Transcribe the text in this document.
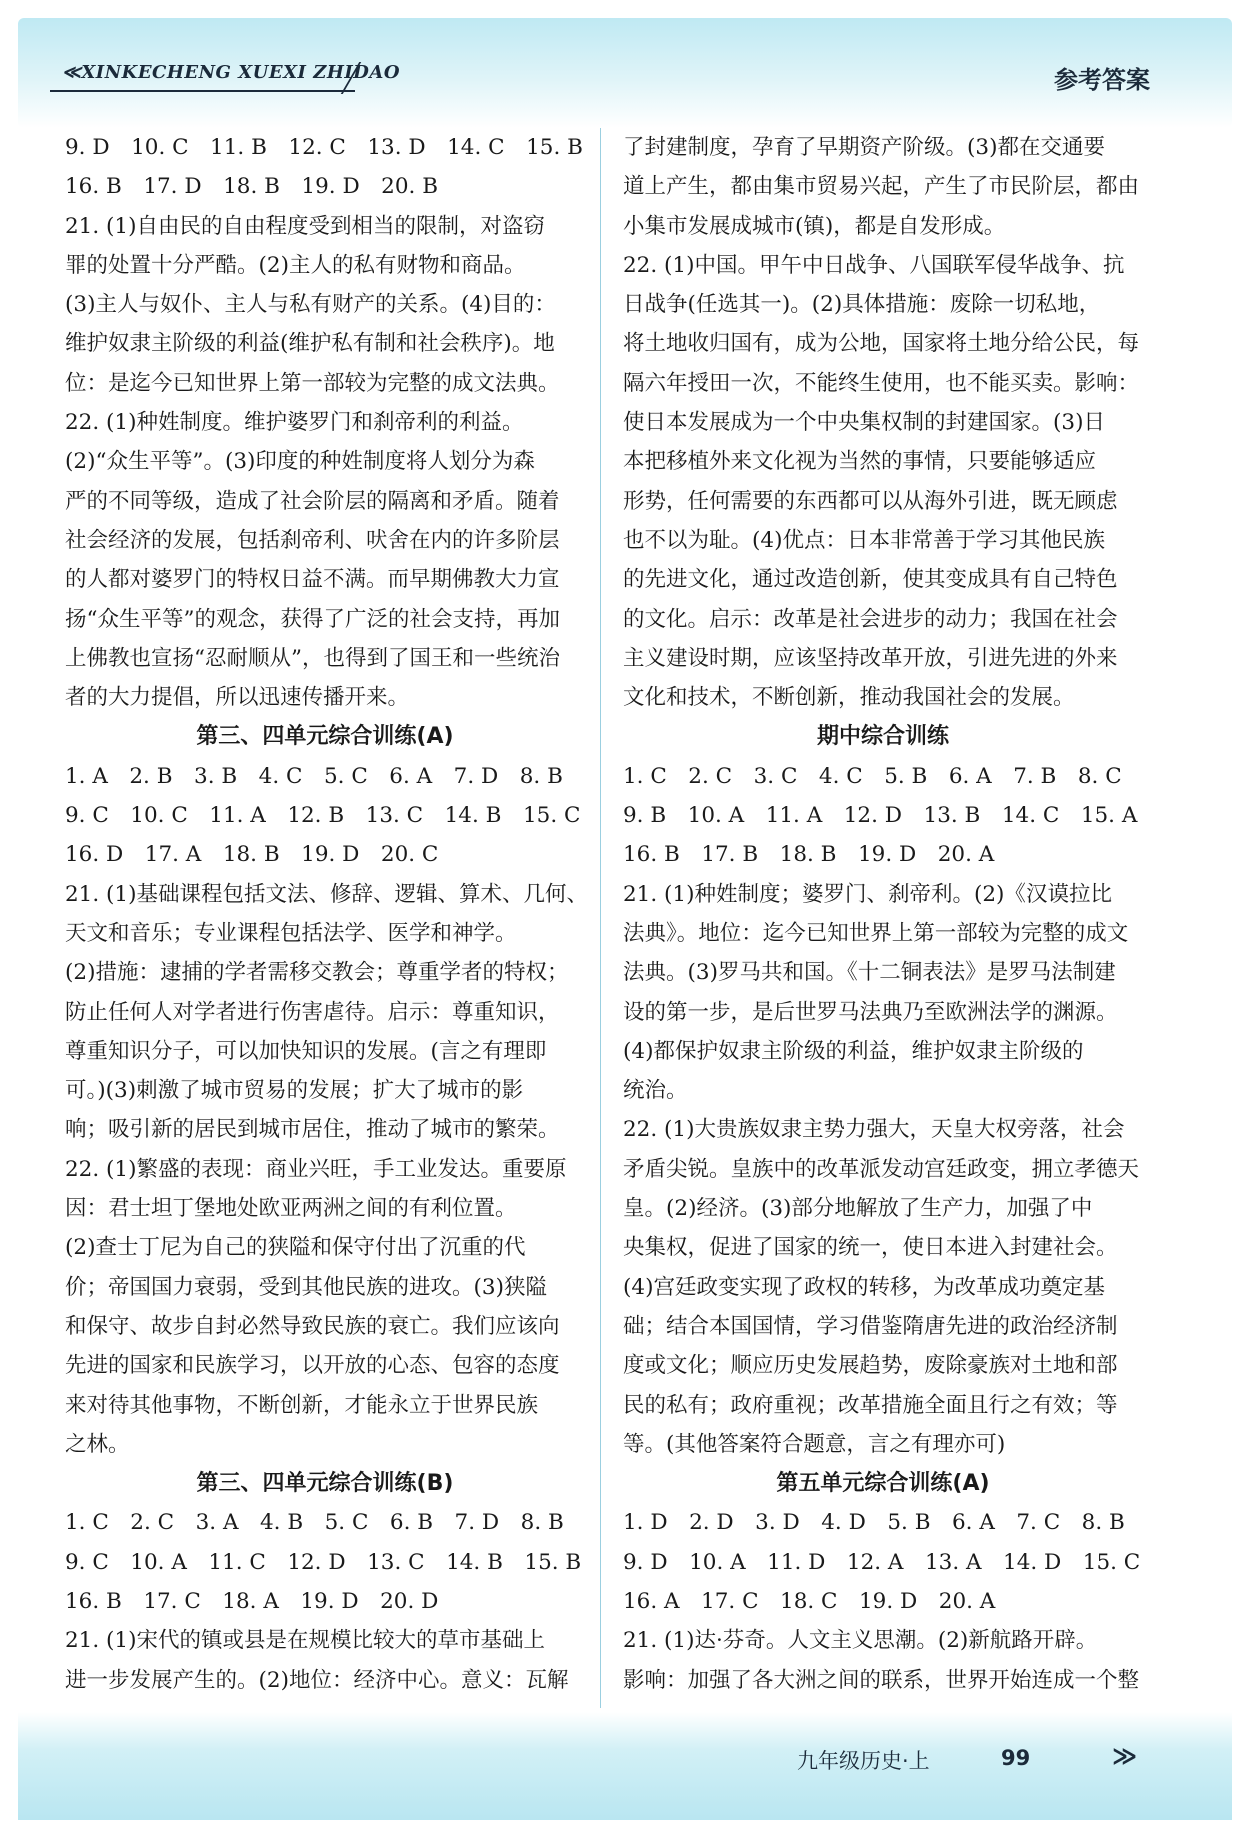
≪XINKECHENG XUEXI ZHIDAO	参考答案
9. D　10. C　11. B　12. C　13. D　14. C　15. B
16. B　17. D　18. B　19. D　20. B
21. (1)自由民的自由程度受到相当的限制，对盗窃
罪的处置十分严酷。(2)主人的私有财物和商品。
(3)主人与奴仆、主人与私有财产的关系。(4)目的：
维护奴隶主阶级的利益(维护私有制和社会秩序)。地
位：是迄今已知世界上第一部较为完整的成文法典。
22. (1)种姓制度。维护婆罗门和刹帝利的利益。
(2)“众生平等”。(3)印度的种姓制度将人划分为森
严的不同等级，造成了社会阶层的隔离和矛盾。随着
社会经济的发展，包括刹帝利、吠舍在内的许多阶层
的人都对婆罗门的特权日益不满。而早期佛教大力宣
扬“众生平等”的观念，获得了广泛的社会支持，再加
上佛教也宣扬“忍耐顺从”，也得到了国王和一些统治
者的大力提倡，所以迅速传播开来。
第三、四单元综合训练(A)
1. A　2. B　3. B　4. C　5. C　6. A　7. D　8. B
9. C　10. C　11. A　12. B　13. C　14. B　15. C
16. D　17. A　18. B　19. D　20. C
21. (1)基础课程包括文法、修辞、逻辑、算术、几何、
天文和音乐；专业课程包括法学、医学和神学。
(2)措施：逮捕的学者需移交教会；尊重学者的特权；
防止任何人对学者进行伤害虐待。启示：尊重知识，
尊重知识分子，可以加快知识的发展。(言之有理即
可。)(3)刺激了城市贸易的发展；扩大了城市的影
响；吸引新的居民到城市居住，推动了城市的繁荣。
22. (1)繁盛的表现：商业兴旺，手工业发达。重要原
因：君士坦丁堡地处欧亚两洲之间的有利位置。
(2)查士丁尼为自己的狭隘和保守付出了沉重的代
价；帝国国力衰弱，受到其他民族的进攻。(3)狭隘
和保守、故步自封必然导致民族的衰亡。我们应该向
先进的国家和民族学习，以开放的心态、包容的态度
来对待其他事物，不断创新，才能永立于世界民族
之林。
第三、四单元综合训练(B)
1. C　2. C　3. A　4. B　5. C　6. B　7. D　8. B
9. C　10. A　11. C　12. D　13. C　14. B　15. B
16. B　17. C　18. A　19. D　20. D
21. (1)宋代的镇或县是在规模比较大的草市基础上
进一步发展产生的。(2)地位：经济中心。意义：瓦解
了封建制度，孕育了早期资产阶级。(3)都在交通要
道上产生，都由集市贸易兴起，产生了市民阶层，都由
小集市发展成城市(镇)，都是自发形成。
22. (1)中国。甲午中日战争、八国联军侵华战争、抗
日战争(任选其一)。(2)具体措施：废除一切私地，
将土地收归国有，成为公地，国家将土地分给公民，每
隔六年授田一次，不能终生使用，也不能买卖。影响：
使日本发展成为一个中央集权制的封建国家。(3)日
本把移植外来文化视为当然的事情，只要能够适应
形势，任何需要的东西都可以从海外引进，既无顾虑
也不以为耻。(4)优点：日本非常善于学习其他民族
的先进文化，通过改造创新，使其变成具有自己特色
的文化。启示：改革是社会进步的动力；我国在社会
主义建设时期，应该坚持改革开放，引进先进的外来
文化和技术，不断创新，推动我国社会的发展。
期中综合训练
1. C　2. C　3. C　4. C　5. B　6. A　7. B　8. C
9. B　10. A　11. A　12. D　13. B　14. C　15. A
16. B　17. B　18. B　19. D　20. A
21. (1)种姓制度；婆罗门、刹帝利。(2)《汉谟拉比
法典》。地位：迄今已知世界上第一部较为完整的成文
法典。(3)罗马共和国。《十二铜表法》是罗马法制建
设的第一步，是后世罗马法典乃至欧洲法学的渊源。
(4)都保护奴隶主阶级的利益，维护奴隶主阶级的
统治。
22. (1)大贵族奴隶主势力强大，天皇大权旁落，社会
矛盾尖锐。皇族中的改革派发动宫廷政变，拥立孝德天
皇。(2)经济。(3)部分地解放了生产力，加强了中
央集权，促进了国家的统一，使日本进入封建社会。
(4)宫廷政变实现了政权的转移，为改革成功奠定基
础；结合本国国情，学习借鉴隋唐先进的政治经济制
度或文化；顺应历史发展趋势，废除豪族对土地和部
民的私有；政府重视；改革措施全面且行之有效；等
等。(其他答案符合题意，言之有理亦可)
第五单元综合训练(A)
1. D　2. D　3. D　4. D　5. B　6. A　7. C　8. B
9. D　10. A　11. D　12. A　13. A　14. D　15. C
16. A　17. C　18. C　19. D　20. A
21. (1)达·芬奇。人文主义思潮。(2)新航路开辟。
影响：加强了各大洲之间的联系，世界开始连成一个整
九年级历史·上	99	≫
